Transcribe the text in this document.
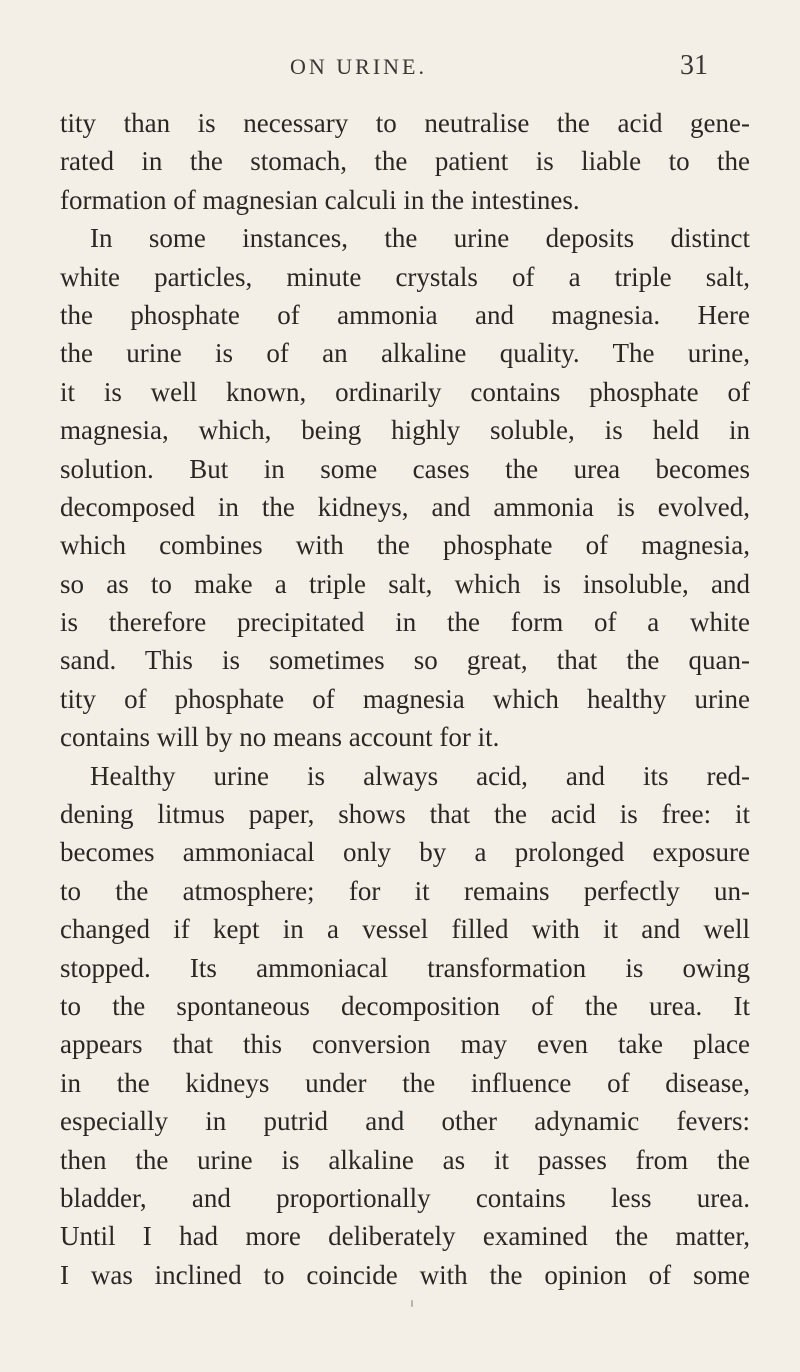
ON URINE.	31
tity than is necessary to neutralise the acid gene-
rated in the stomach, the patient is liable to the
formation of magnesian calculi in the intestines.
In some instances, the urine deposits distinct
white particles, minute crystals of a triple salt,
the phosphate of ammonia and magnesia. Here
the urine is of an alkaline quality. The urine,
it is well known, ordinarily contains phosphate of
magnesia, which, being highly soluble, is held in
solution. But in some cases the urea becomes
decomposed in the kidneys, and ammonia is evolved,
which combines with the phosphate of magnesia,
so as to make a triple salt, which is insoluble, and
is therefore precipitated in the form of a white
sand. This is sometimes so great, that the quan-
tity of phosphate of magnesia which healthy urine
contains will by no means account for it.
Healthy urine is always acid, and its red-
dening litmus paper, shows that the acid is free: it
becomes ammoniacal only by a prolonged exposure
to the atmosphere; for it remains perfectly un-
changed if kept in a vessel filled with it and well
stopped. Its ammoniacal transformation is owing
to the spontaneous decomposition of the urea. It
appears that this conversion may even take place
in the kidneys under the influence of disease,
especially in putrid and other adynamic fevers:
then the urine is alkaline as it passes from the
bladder, and proportionally contains less urea.
Until I had more deliberately examined the matter,
I was inclined to coincide with the opinion of some
